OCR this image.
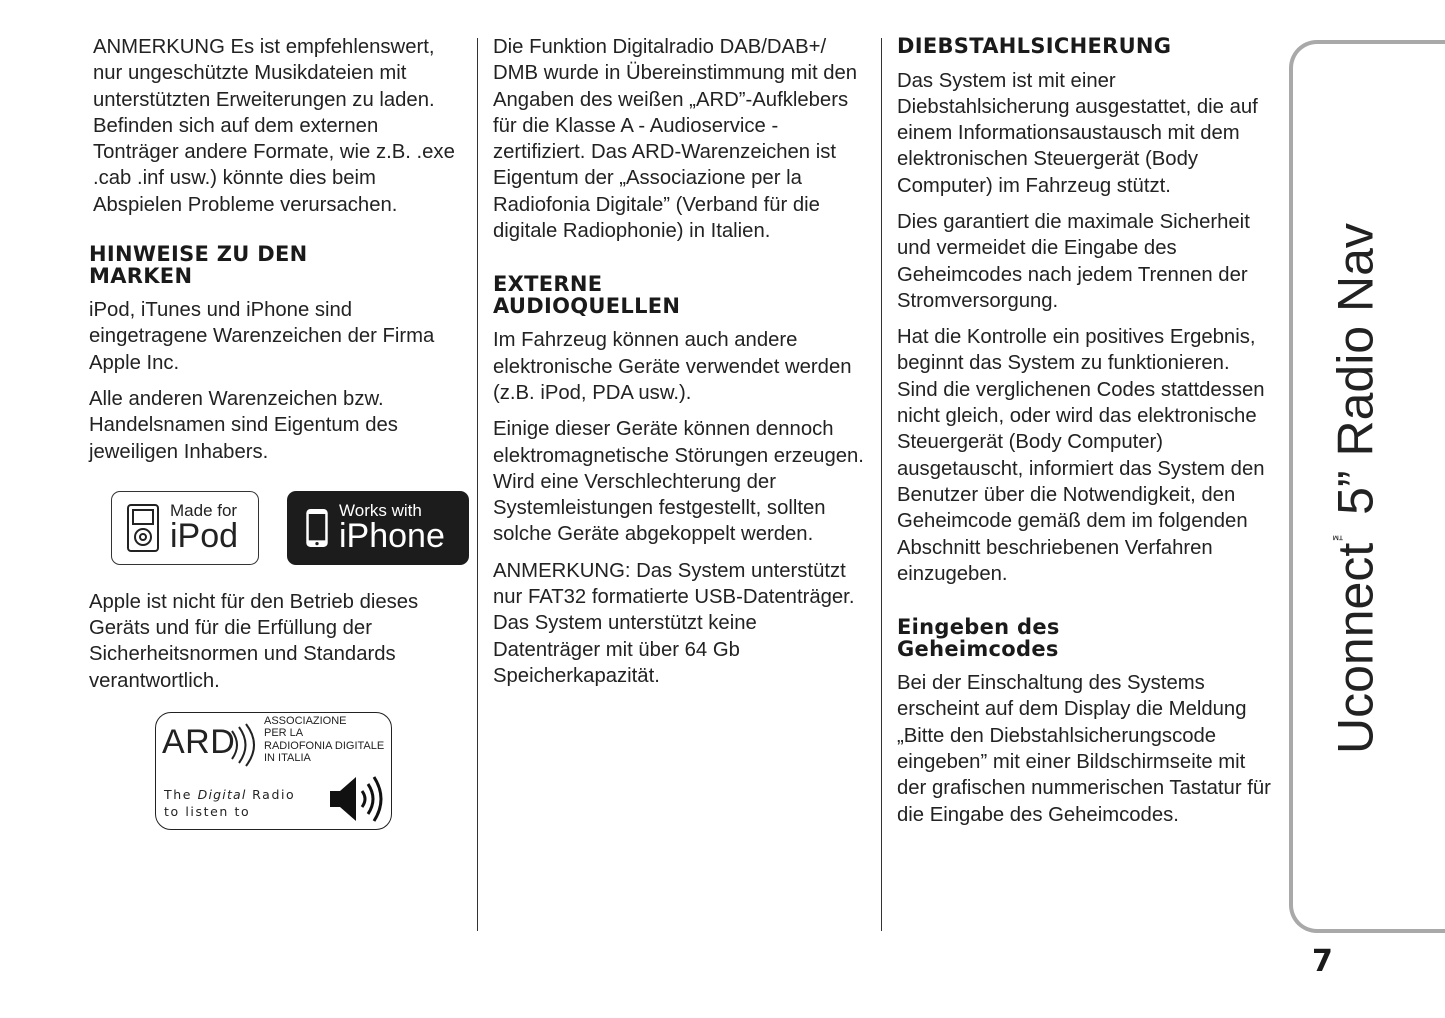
ANMERKUNG Es ist empfehlenswert, nur ungeschützte Musikdateien mit unterstützten Erweiterungen zu laden. Befinden sich auf dem externen Tonträger andere Formate, wie z.B. .exe .cab .inf usw.) könnte dies beim Abspielen Probleme verursachen.

HINWEISE ZU DEN MARKEN

iPod, iTunes und iPhone sind eingetragene Warenzeichen der Firma Apple Inc.

Alle anderen Warenzeichen bzw. Handelsnamen sind Eigentum des jeweiligen Inhabers.

Made for
iPod
Works with
iPhone

Apple ist nicht für den Betrieb dieses Geräts und für die Erfüllung der Sicherheitsnormen und Standards verantwortlich.

ARD
ASSOCIAZIONE
PER LA
RADIOFONIA DIGITALE
IN ITALIA
The Digital Radio
to listen to

Die Funktion Digitalradio DAB/DAB+/ DMB wurde in Übereinstimmung mit den Angaben des weißen „ARD”-Aufklebers für die Klasse A - Audioservice - zertifiziert. Das ARD-Warenzeichen ist Eigentum der „Associazione per la Radiofonia Digitale” (Verband für die digitale Radiophonie) in Italien.

EXTERNE AUDIOQUELLEN

Im Fahrzeug können auch andere elektronische Geräte verwendet werden (z.B. iPod, PDA usw.).

Einige dieser Geräte können dennoch elektromagnetische Störungen erzeugen. Wird eine Verschlechterung der Systemleistungen festgestellt, sollten solche Geräte abgekoppelt werden.

ANMERKUNG: Das System unterstützt nur FAT32 formatierte USB-Datenträger. Das System unterstützt keine Datenträger mit über 64 Gb Speicherkapazität.

DIEBSTAHLSICHERUNG

Das System ist mit einer Diebstahlsicherung ausgestattet, die auf einem Informationsaustausch mit dem elektronischen Steuergerät (Body Computer) im Fahrzeug stützt.

Dies garantiert die maximale Sicherheit und vermeidet die Eingabe des Geheimcodes nach jedem Trennen der Stromversorgung.

Hat die Kontrolle ein positives Ergebnis, beginnt das System zu funktionieren. Sind die verglichenen Codes stattdessen nicht gleich, oder wird das elektronische Steuergerät (Body Computer) ausgetauscht, informiert das System den Benutzer über die Notwendigkeit, den Geheimcode gemäß dem im folgenden Abschnitt beschriebenen Verfahren einzugeben.

Eingeben des Geheimcodes

Bei der Einschaltung des Systems erscheint auf dem Display die Meldung „Bitte den Diebstahlsicherungscode eingeben” mit einer Bildschirmseite mit der grafischen nummerischen Tastatur für die Eingabe des Geheimcodes.

Uconnect™ 5” Radio Nav
7
